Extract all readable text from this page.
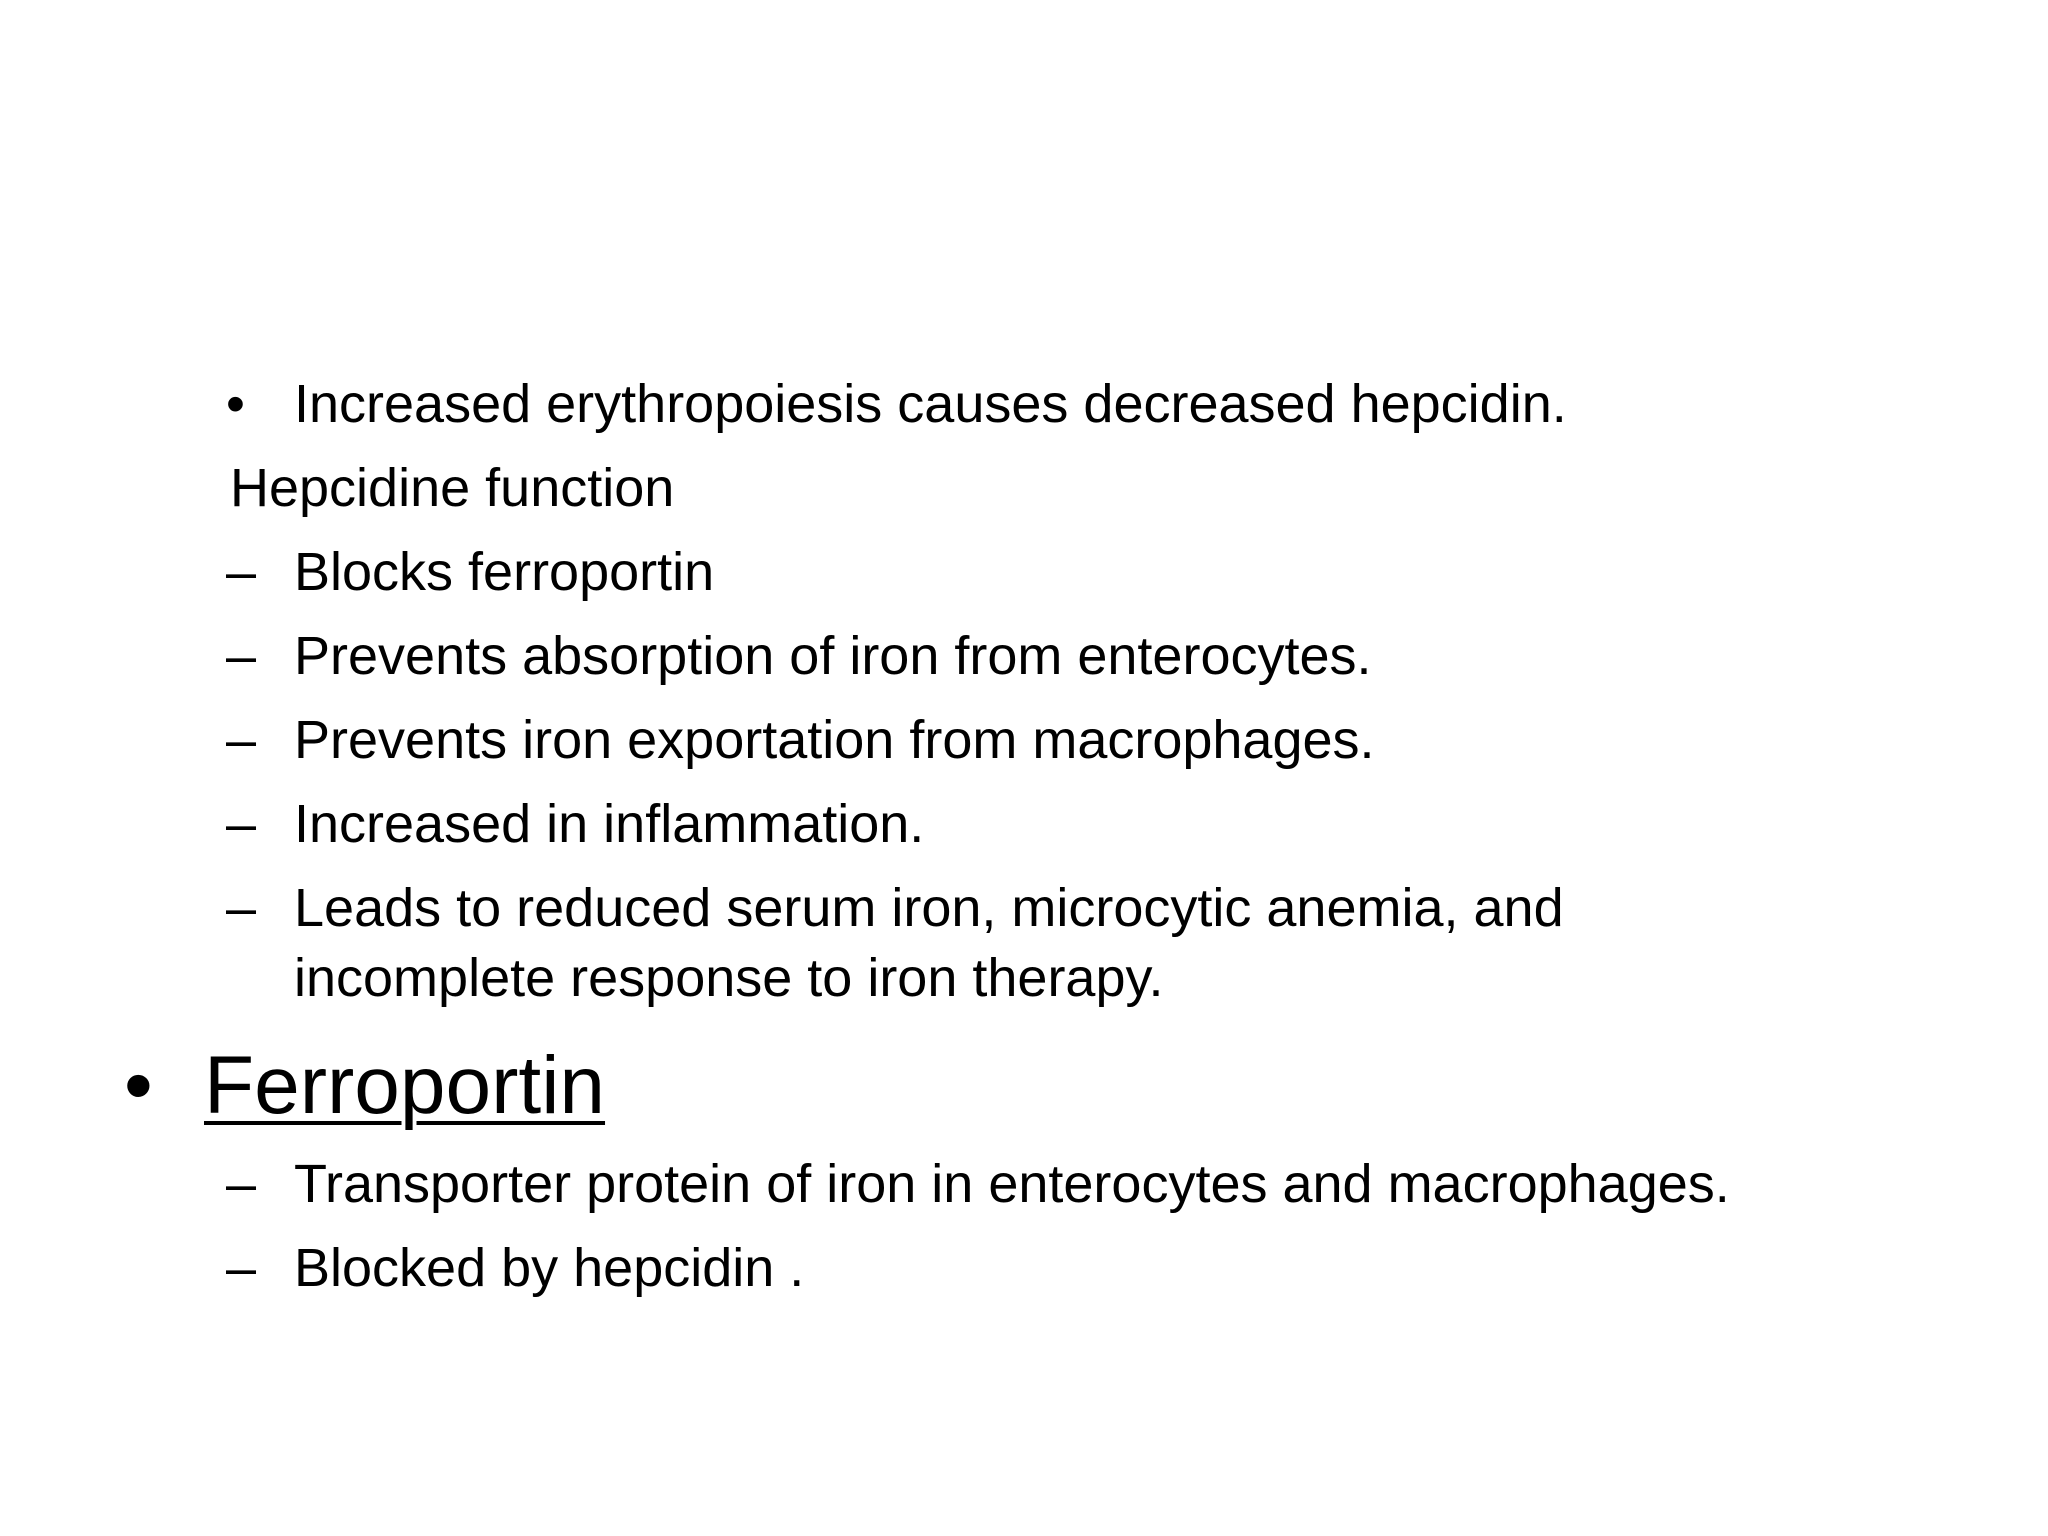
• Increased erythropoiesis causes decreased hepcidin.
Hepcidine function
– Blocks ferroportin
– Prevents absorption of iron from enterocytes.
– Prevents iron exportation from macrophages.
– Increased in inflammation.
– Leads to reduced serum iron, microcytic anemia, and
incomplete response to iron therapy.
• Ferroportin
– Transporter protein of iron in enterocytes and macrophages.
– Blocked by hepcidin .
